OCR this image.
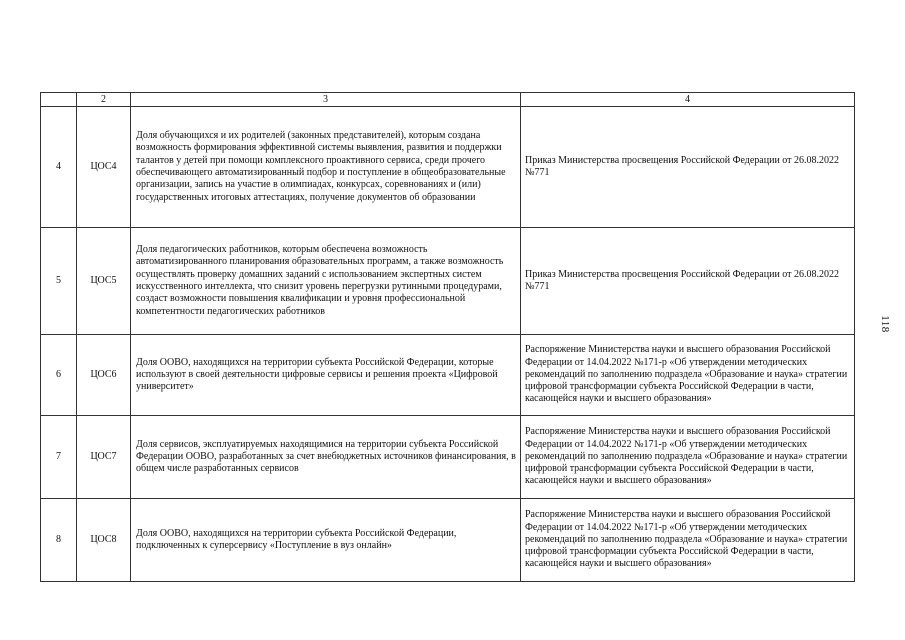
	2	3	4
4	ЦОС4	Доля обучающихся и их родителей (законных представителей), которым создана возможность формирования эффективной системы выявления, развития и поддержки талантов у детей при помощи комплексного проактивного сервиса, среди прочего обеспечивающего автоматизированный подбор и поступление в общеобразовательные организации, запись на участие в олимпиадах, конкурсах, соревнованиях и (или) государственных итоговых аттестациях, получение документов об образовании	Приказ Министерства просвещения Российской Федерации от 26.08.2022 №771
5	ЦОС5	Доля педагогических работников, которым обеспечена возможность автоматизированного планирования образовательных программ, а также возможность осуществлять проверку домашних заданий с использованием экспертных систем искусственного интеллекта, что снизит уровень перегрузки рутинными процедурами, создаст возможности повышения квалификации и уровня профессиональной компетентности педагогических работников	Приказ Министерства просвещения Российской Федерации от 26.08.2022 №771
6	ЦОС6	Доля ООВО, находящихся на территории субъекта Российской Федерации, которые используют в своей деятельности цифровые сервисы и решения проекта «Цифровой университет»	Распоряжение Министерства науки и высшего образования Российской Федерации от 14.04.2022 №171-р «Об утверждении методических рекомендаций по заполнению подраздела «Образование и наука» стратегии цифровой трансформации субъекта Российской Федерации в части, касающейся науки и высшего образования»
7	ЦОС7	Доля сервисов, эксплуатируемых находящимися на территории субъекта Российской Федерации ООВО, разработанных за счет внебюджетных источников финансирования, в общем числе разработанных сервисов	Распоряжение Министерства науки и высшего образования Российской Федерации от 14.04.2022 №171-р «Об утверждении методических рекомендаций по заполнению подраздела «Образование и наука» стратегии цифровой трансформации субъекта Российской Федерации в части, касающейся науки и высшего образования»
8	ЦОС8	Доля ООВО, находящихся на территории субъекта Российской Федерации, подключенных к суперсервису «Поступление в вуз онлайн»	Распоряжение Министерства науки и высшего образования Российской Федерации от 14.04.2022 №171-р «Об утверждении методических рекомендаций по заполнению подраздела «Образование и наука» стратегии цифровой трансформации субъекта Российской Федерации в части, касающейся науки и высшего образования»
118
